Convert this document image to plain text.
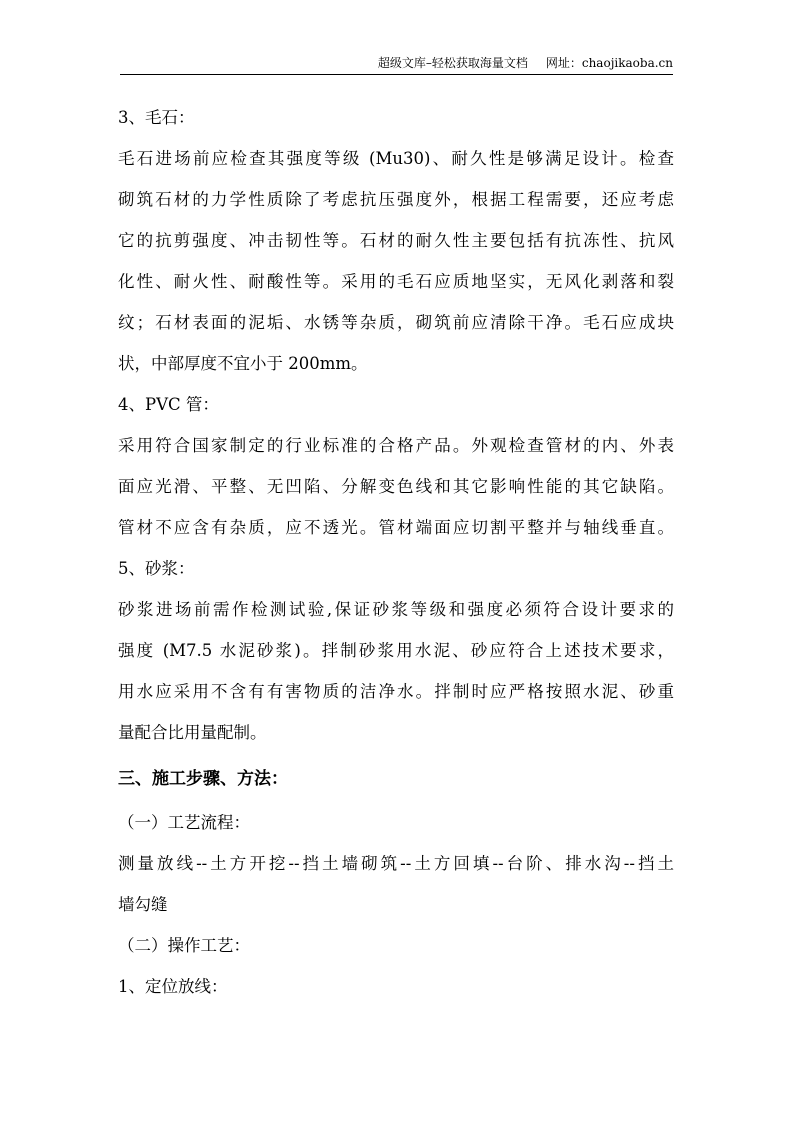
超级文库–轻松获取海量文档 网址：chaojikaoba.cn
3、毛石：
毛石进场前应检查其强度等级 (Mu30)、耐久性是够满足设计。检查
砌筑石材的力学性质除了考虑抗压强度外，根据工程需要，还应考虑
它的抗剪强度、冲击韧性等。石材的耐久性主要包括有抗冻性、抗风
化性、耐火性、耐酸性等。采用的毛石应质地坚实，无风化剥落和裂
纹；石材表面的泥垢、水锈等杂质，砌筑前应清除干净。毛石应成块
状，中部厚度不宜小于 200mm。
4、PVC 管：
采用符合国家制定的行业标准的合格产品。外观检查管材的内、外表
面应光滑、平整、无凹陷、分解变色线和其它影响性能的其它缺陷。
管材不应含有杂质，应不透光。管材端面应切割平整并与轴线垂直。
5、砂浆：
砂浆进场前需作检测试验,保证砂浆等级和强度必须符合设计要求的
强度 (M7.5 水泥砂浆)。拌制砂浆用水泥、砂应符合上述技术要求，
用水应采用不含有有害物质的洁净水。拌制时应严格按照水泥、砂重
量配合比用量配制。
三、施工步骤、方法：
（一）工艺流程：
测量放线--土方开挖--挡土墙砌筑--土方回填--台阶、排水沟--挡土
墙勾缝
（二）操作工艺：
1、定位放线：
